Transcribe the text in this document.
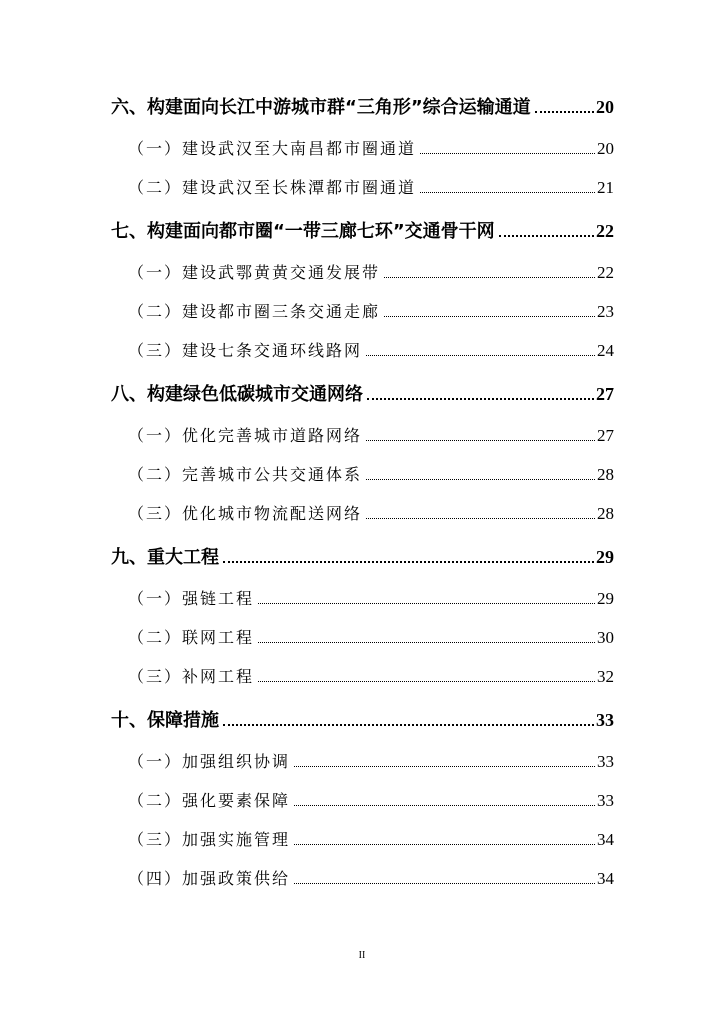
六、构建面向长江中游城市群“三角形”综合运输通道	20
（一）建设武汉至大南昌都市圈通道	20
（二）建设武汉至长株潭都市圈通道	21
七、构建面向都市圈“一带三廊七环”交通骨干网	22
（一）建设武鄂黄黄交通发展带	22
（二）建设都市圈三条交通走廊	23
（三）建设七条交通环线路网	24
八、构建绿色低碳城市交通网络	27
（一）优化完善城市道路网络	27
（二）完善城市公共交通体系	28
（三）优化城市物流配送网络	28
九、重大工程	29
（一）强链工程	29
（二）联网工程	30
（三）补网工程	32
十、保障措施	33
（一）加强组织协调	33
（二）强化要素保障	33
（三）加强实施管理	34
（四）加强政策供给	34
II
